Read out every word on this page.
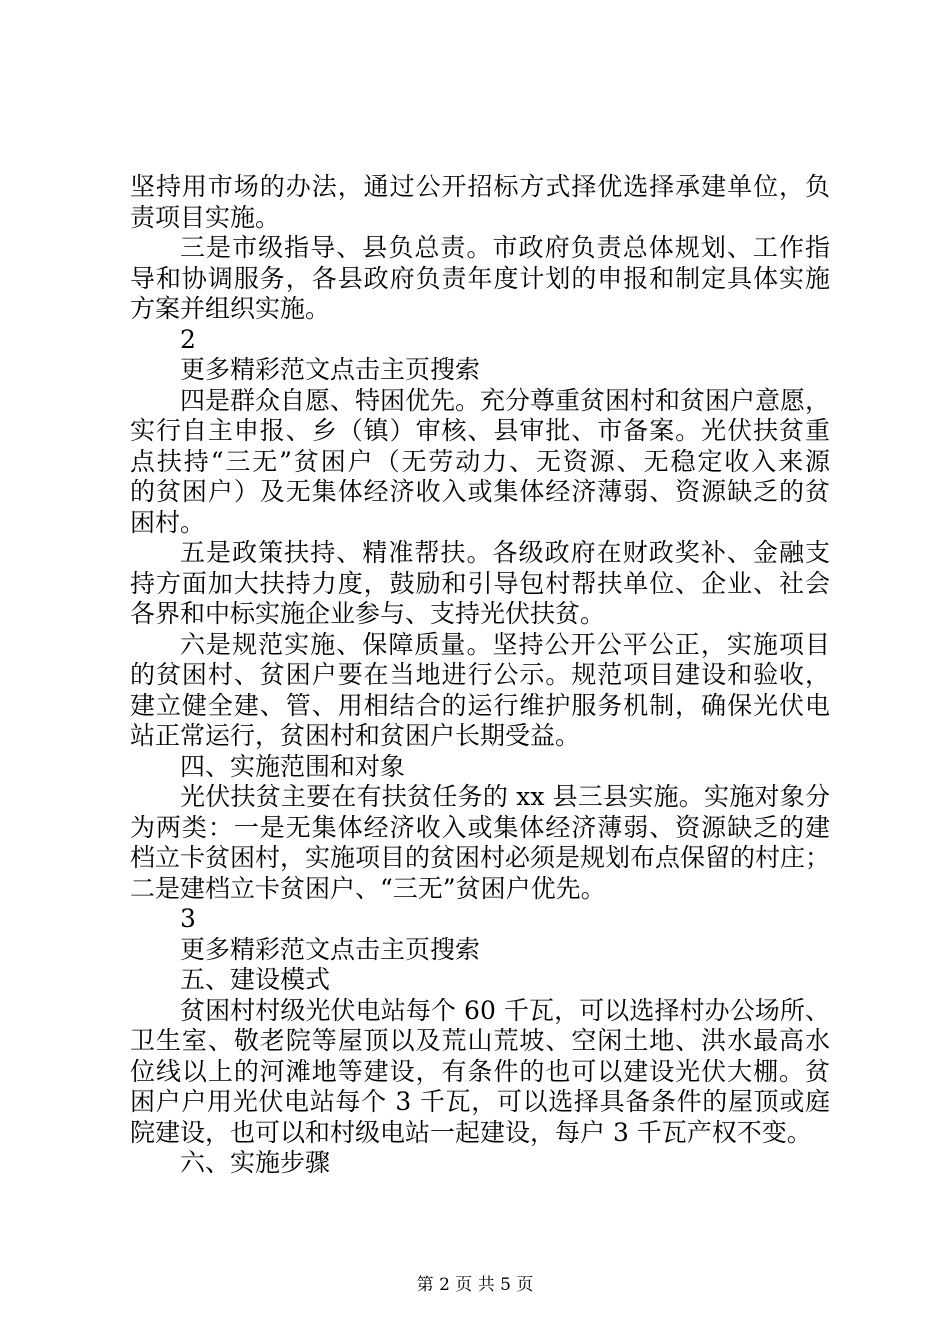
坚持用市场的办法，通过公开招标方式择优选择承建单位，负
责项目实施。
三是市级指导、县负总责。市政府负责总体规划、工作指
导和协调服务，各县政府负责年度计划的申报和制定具体实施
方案并组织实施。
2
更多精彩范文点击主页搜索
四是群众自愿、特困优先。充分尊重贫困村和贫困户意愿，
实行自主申报、乡（镇）审核、县审批、市备案。光伏扶贫重
点扶持“三无”贫困户（无劳动力、无资源、无稳定收入来源
的贫困户）及无集体经济收入或集体经济薄弱、资源缺乏的贫
困村。
五是政策扶持、精准帮扶。各级政府在财政奖补、金融支
持方面加大扶持力度，鼓励和引导包村帮扶单位、企业、社会
各界和中标实施企业参与、支持光伏扶贫。
六是规范实施、保障质量。坚持公开公平公正，实施项目
的贫困村、贫困户要在当地进行公示。规范项目建设和验收，
建立健全建、管、用相结合的运行维护服务机制，确保光伏电
站正常运行，贫困村和贫困户长期受益。
四、实施范围和对象
光伏扶贫主要在有扶贫任务的 xx 县三县实施。实施对象分
为两类：一是无集体经济收入或集体经济薄弱、资源缺乏的建
档立卡贫困村，实施项目的贫困村必须是规划布点保留的村庄；
二是建档立卡贫困户、“三无”贫困户优先。
3
更多精彩范文点击主页搜索
五、建设模式
贫困村村级光伏电站每个 60 千瓦，可以选择村办公场所、
卫生室、敬老院等屋顶以及荒山荒坡、空闲土地、洪水最高水
位线以上的河滩地等建设，有条件的也可以建设光伏大棚。贫
困户户用光伏电站每个 3 千瓦，可以选择具备条件的屋顶或庭
院建设，也可以和村级电站一起建设，每户 3 千瓦产权不变。
六、实施步骤
第 2 页 共 5 页
